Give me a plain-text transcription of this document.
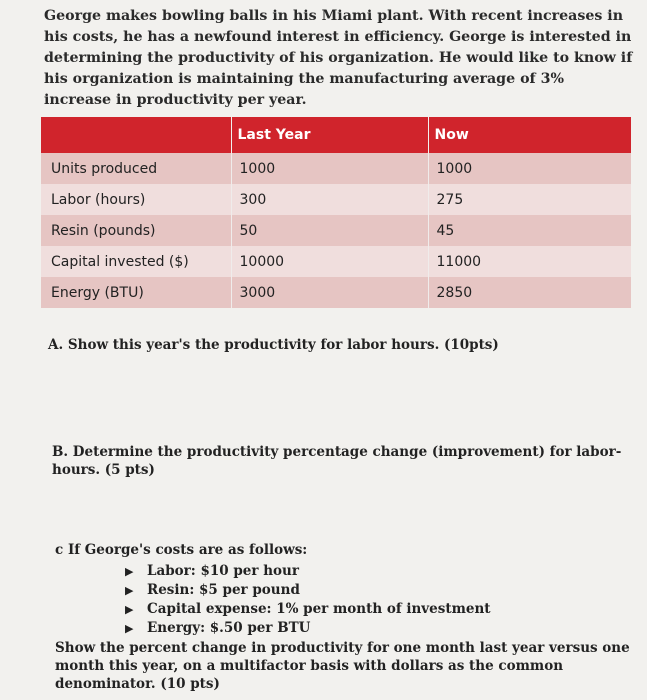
George makes bowling balls in his Miami plant. With recent increases in his costs, he has a newfound interest in efficiency. George is interested in determining the productivity of his organization. He would like to know if his organization is maintaining the manufacturing average of 3% increase in productivity per year.
	Last Year	Now
Units produced	1000	1000
Labor (hours)	300	275
Resin (pounds)	50	45
Capital invested ($)	10000	11000
Energy (BTU)	3000	2850
A. Show this year's the productivity for labor hours. (10pts)
B. Determine the productivity percentage change (improvement) for labor-hours. (5 pts)
c If George's costs are as follows:
▶ Labor: $10 per hour
▶ Resin: $5 per pound
▶ Capital expense: 1% per month of investment
▶ Energy: $.50 per BTU
Show the percent change in productivity for one month last year versus one month this year, on a multifactor basis with dollars as the common denominator. (10 pts)
